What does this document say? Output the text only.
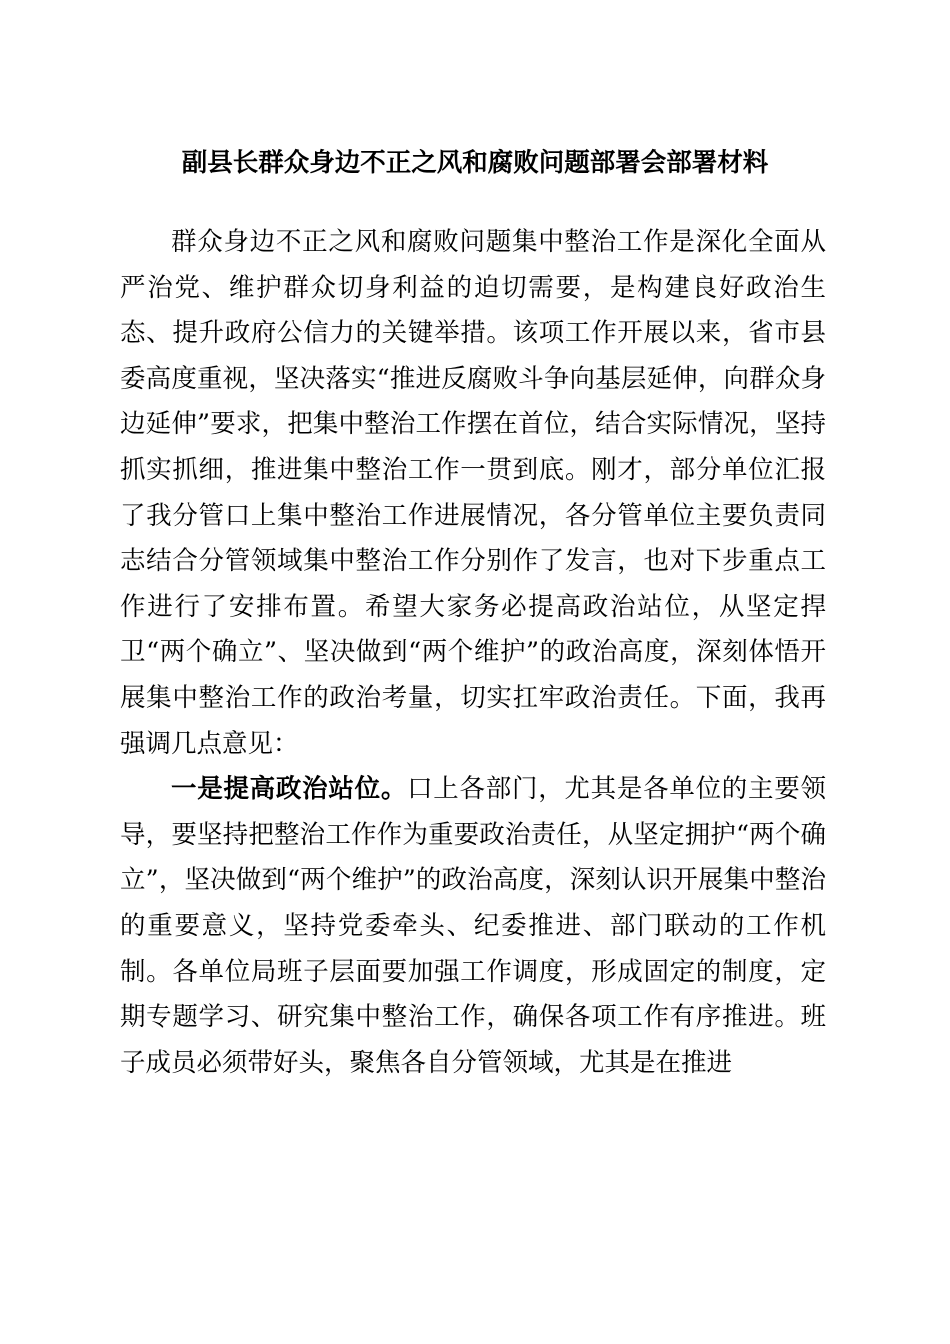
副县长群众身边不正之风和腐败问题部署会部署材料

群众身边不正之风和腐败问题集中整治工作是深化全面从严治党、维护群众切身利益的迫切需要，是构建良好政治生态、提升政府公信力的关键举措。该项工作开展以来，省市县委高度重视，坚决落实“推进反腐败斗争向基层延伸，向群众身边延伸”要求，把集中整治工作摆在首位，结合实际情况，坚持抓实抓细，推进集中整治工作一贯到底。刚才，部分单位汇报了我分管口上集中整治工作进展情况，各分管单位主要负责同志结合分管领域集中整治工作分别作了发言，也对下步重点工作进行了安排布置。希望大家务必提高政治站位，从坚定捍卫“两个确立”、坚决做到“两个维护”的政治高度，深刻体悟开展集中整治工作的政治考量，切实扛牢政治责任。下面，我再强调几点意见：

一是提高政治站位。口上各部门，尤其是各单位的主要领导，要坚持把整治工作作为重要政治责任，从坚定拥护“两个确立”，坚决做到“两个维护”的政治高度，深刻认识开展集中整治的重要意义，坚持党委牵头、纪委推进、部门联动的工作机制。各单位局班子层面要加强工作调度，形成固定的制度，定期专题学习、研究集中整治工作，确保各项工作有序推进。班子成员必须带好头，聚焦各自分管领域，尤其是在推进
